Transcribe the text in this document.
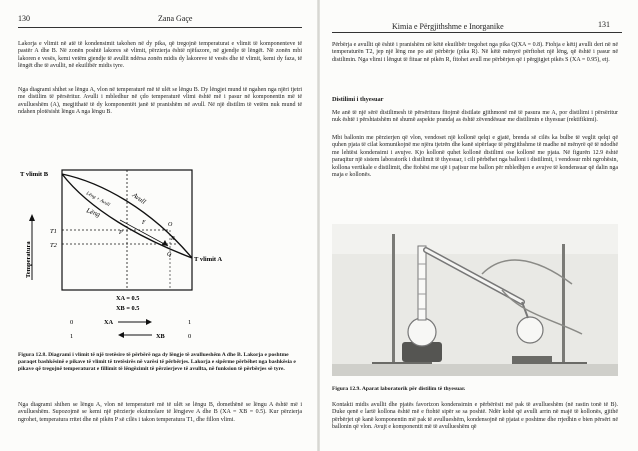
130	Zana Gaçe

Lakorja e vlimit në atë të kondensimit takohen në dy pika, që tregojnë temperaturat e vlimit të komponenteve të pastër A dhe B. Në zonën poshtë lakores së vlimit, përzierja është njëfazore, në gjendje të lëngët. Në zonën mbi lakoren e vesës, kemi vetëm gjendje të avullit ndërsa zonën midis dy lakoreve të vesës dhe të vlimit, kemi dy faza, të lëngët dhe të avullit, në ekuilibër midis tyre.

Nga diagrami shihet se lëngu A, vlon në temperaturë më të ulët se lëngu B. Dy lëngjet mund të ngahen nga njëri tjetri me distilim të përsëritur. Avulli i mbledhur në çdo temperaturë vlimi është më i pasur në komponentin më të avullueshëm (A), megjithatë të dy komponentët janë të pranishëm në avull. Në një distilim të vetëm nuk mund të ndahen plotësisht lëngu A nga lëngu B.

T vlimit B
T vlimit A
Avull
Lëng + Avull
Lëng
T1
T2
Temperatura
P
R
F	O
Q
XA = 0.5
XB = 0.5
XA
XB
0	1
1	0

Figura 12.8. Diagrami i vlimit të një tretësire të përbërë nga dy lëngje të avullueshëm A dhe B. Lakorja e poshtme paraqet bashkësinë e pikave të vlimit të tretësirës në varësi të përbërjes. Lakorja e sipërme përbëhet nga bashkësia e pikave që tregojnë temperaturat e fillimit të lëngëzimit të përzierjeve të avullta, në funksion të përbërjes së tyre.

Nga diagrami shihen se lëngu A, vlon në temperaturë më të ulët se lëngu B, domethënë se lëngu A është më i avullueshëm. Supozojmë se kemi një përzierje ekuimolare të lëngjeve A dhe B (XA = XB = 0.5). Kur përzierja ngrohet, temperatura rritet dhe në pikën P së cilës i takon temperatura T1, dhe fillon vlimi.

Kimia e Përgjithshme e Inorganike	131

Përbërja e avullit që është i pranishëm në këtë ekuilibër tregohet nga pika Q(XA = 0.8). Ftohja e këtij avulli deri në në temperaturën T2, jep një lëng me po atë përbërje (pika R). Në këtë mënyrë përftohet një lëng, që është i pasur në distilimin. Nga vlimi i lëngut të fituar në pikën R, fitohet avull me përbërjen që i përgjigjet pikës S (XA = 0.95), etj.

Distilimi i thyesuar

Me anë të një sërë distilimesh të përsëritura fitojmë distilate gjithmonë më të pasura me A, por distilimi i përsëritur nuk është i përshtatshëm në shumë aspekte prandaj as është zëvendësuar me distilimin e thyesuar (rektifikimi).

Mbi ballonin me përzierjen që vlon, vendoset një kollonë qelqi e gjatë, brenda së cilës ka bulbe të veglit qelqi që quhen pjata të cilat komunikojnë me njëra tjetrën dhe kanë sipërfaqe të përgjithshme të madhe në mënyrë që të ndodhë me lehtësi kondensimi i avujve. Kjo kollonë quhet kollonë distilimi ose kollonë me pjata. Në figurën 12.9 është paraqitur një sistem laboratorik i distilimit të thyesuar, i cili përbëhet nga balloni i distilimit, i vendosur mbi ngrohësin, kollona vertikale e distilimit, dhe ftohësi me ujë i pajisur me ballon për mbledhjen e avujve të kondensuar që dalin nga maja e kollonës.

Figura 12.9. Aparat laboratorik për distilim të thyesuar.

Kontakti midis avullit dhe pjatës favorizon kondensimin e përbërësit më pak të avullueshëm (në rastin tonë të B). Duke qenë e lartë kollona është më e ftohtë sipër se sa poshtë. Ndër kohë që avulli arrin në majë të kollonës, gjithë përbërjet që kanë komponentin më pak të avullueshëm, kondensojnë në pjatat e poshtme dhe rrjedhin e bien përsëri në ballonin që vlon. Avujt e komponentit më të avullueshëm që
